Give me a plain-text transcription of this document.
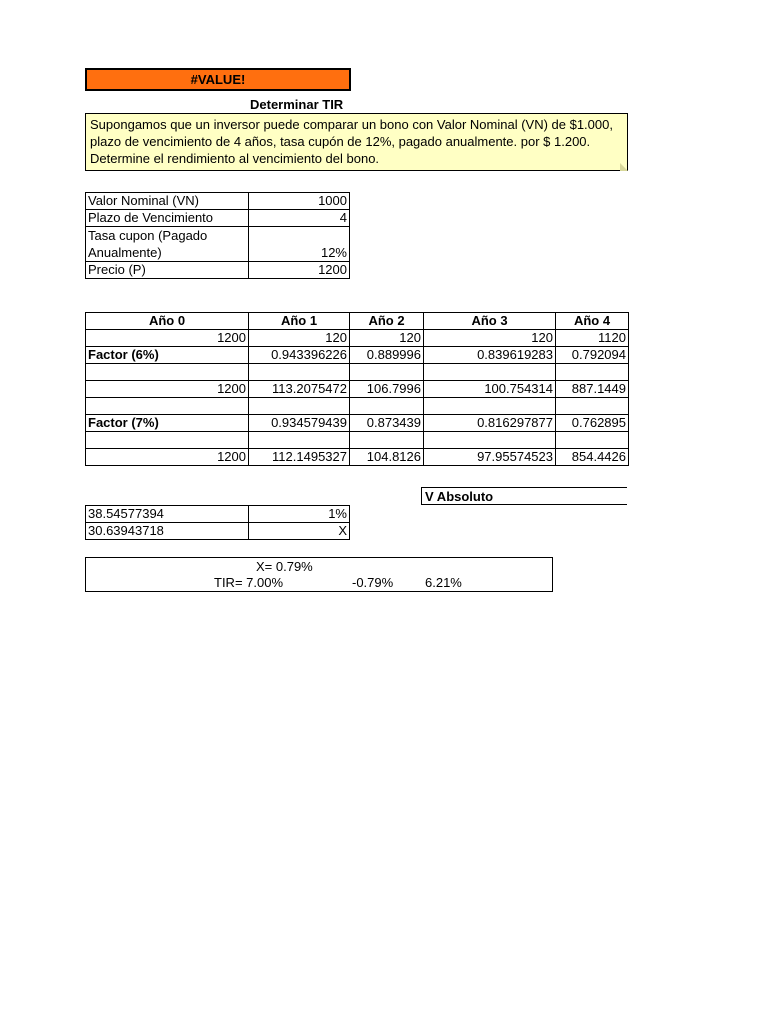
#VALUE!
Determinar TIR
Supongamos que un inversor puede comparar un bono con Valor Nominal (VN) de $1.000, plazo de vencimiento de 4 años, tasa cupón de 12%, pagado anualmente. por $ 1.200. Determine el rendimiento al vencimiento del bono.
Valor Nominal (VN)	1000
Plazo de Vencimiento	4
Tasa cupon (Pagado
Anualmente)	12%
Precio (P)	1200
Año 0	Año 1	Año 2	Año 3	Año 4
1200	120	120	120	1120
Factor (6%)	0.943396226	0.889996	0.839619283	0.792094

1200	113.2075472	106.7996	100.754314	887.1449

Factor (7%)	0.934579439	0.873439	0.816297877	0.762895

1200	112.1495327	104.8126	97.95574523	854.4426
V Absoluto
38.54577394	1%
30.63943718	X
X= 0.79%
TIR= 7.00%	-0.79% 6.21%
